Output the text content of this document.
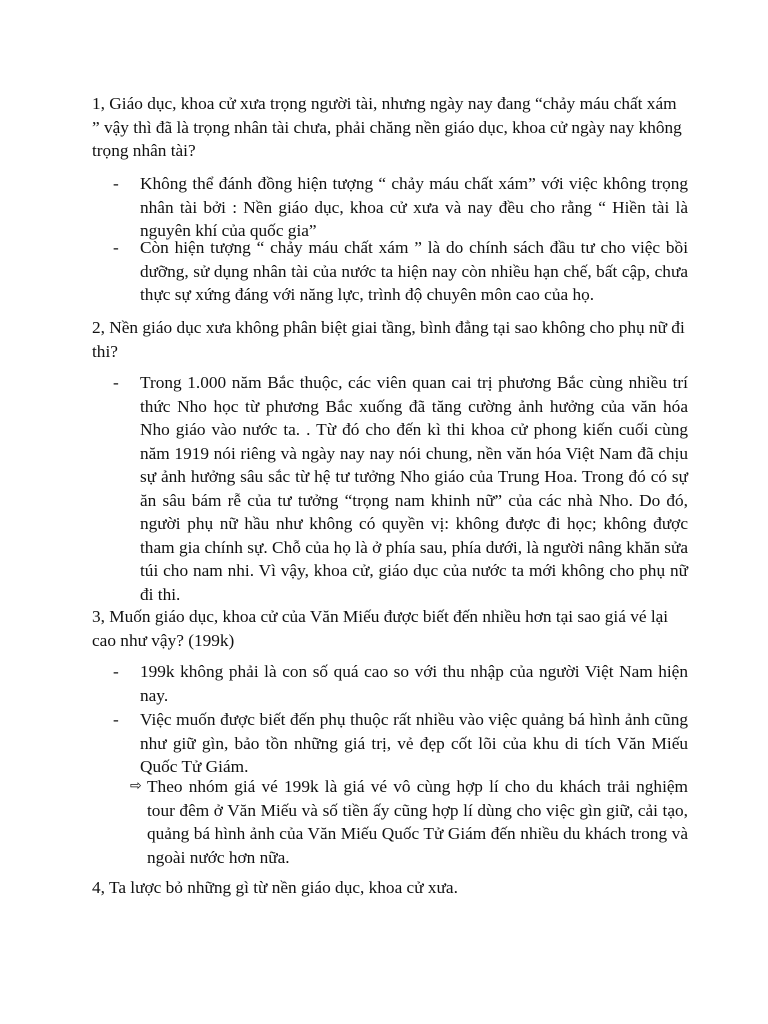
1, Giáo dục, khoa cử xưa trọng người tài, nhưng ngày nay đang “chảy máu chất xám ” vậy thì đã là trọng nhân tài chưa, phải chăng nền giáo dục, khoa cử ngày nay không trọng nhân tài?

- Không thể đánh đồng hiện tượng “ chảy máu chất xám” với việc không trọng nhân tài bởi : Nền giáo dục, khoa cử xưa và nay đều cho rằng “ Hiền tài là nguyên khí của quốc gia”

- Còn hiện tượng “ chảy máu chất xám ” là do chính sách đầu tư cho việc bồi dưỡng, sử dụng nhân tài của nước ta hiện nay còn nhiều hạn chế, bất cập, chưa thực sự xứng đáng với năng lực, trình độ chuyên môn cao của họ.

2, Nền giáo dục xưa không phân biệt giai tầng, bình đẳng tại sao không cho phụ nữ đi thi?

- Trong 1.000 năm Bắc thuộc, các viên quan cai trị phương Bắc cùng nhiều trí thức Nho học từ phương Bắc xuống đã tăng cường ảnh hưởng của văn hóa Nho giáo vào nước ta. . Từ đó cho đến kì thi khoa cử phong kiến cuối cùng năm 1919 nói riêng và ngày nay nay nói chung, nền văn hóa Việt Nam đã chịu sự ảnh hưởng sâu sắc từ hệ tư tưởng Nho giáo của Trung Hoa. Trong đó có sự ăn sâu bám rễ của tư tưởng “trọng nam khinh nữ” của các nhà Nho. Do đó, người phụ nữ hầu như không có quyền vị: không được đi học; không được tham gia chính sự. Chỗ của họ là ở phía sau, phía dưới, là người nâng khăn sửa túi cho nam nhi. Vì vậy, khoa cử, giáo dục của nước ta mới không cho phụ nữ đi thi.

3, Muốn giáo dục, khoa cử của Văn Miếu được biết đến nhiều hơn tại sao giá vé lại cao như vậy? (199k)

- 199k không phải là con số quá cao so với thu nhập của người Việt Nam hiện nay.

- Việc muốn được biết đến phụ thuộc rất nhiều vào việc quảng bá hình ảnh cũng như giữ gìn, bảo tồn những giá trị, vẻ đẹp cốt lõi của khu di tích Văn Miếu Quốc Tử Giám.

⇨ Theo nhóm giá vé 199k là giá vé vô cùng hợp lí cho du khách trải nghiệm tour đêm ở Văn Miếu và số tiền ấy cũng hợp lí dùng cho việc gìn giữ, cải tạo, quảng bá hình ảnh của Văn Miếu Quốc Tử Giám đến nhiều du khách trong và ngoài nước hơn nữa.

4, Ta lược bỏ những gì từ nền giáo dục, khoa cử xưa.
